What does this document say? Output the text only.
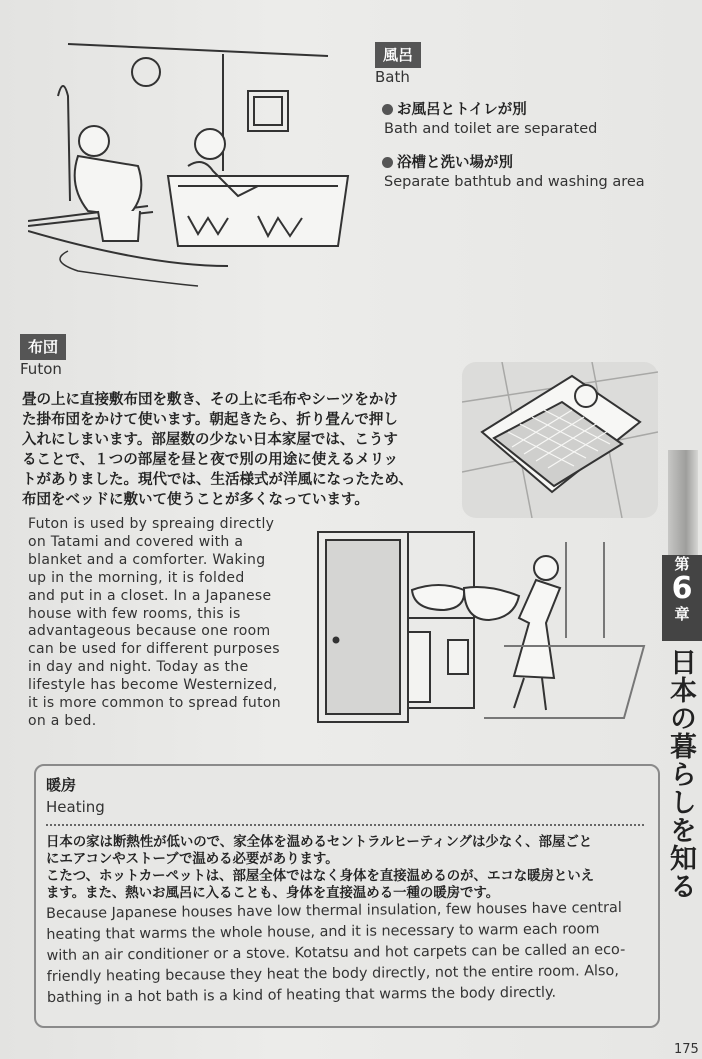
風呂
Bath
お風呂とトイレが別
Bath and toilet are separated
浴槽と洗い場が別
Separate bathtub and washing area
布団
Futon
畳の上に直接敷布団を敷き、その上に毛布やシーツをかけ
た掛布団をかけて使います。朝起きたら、折り畳んで押し
入れにしまいます。部屋数の少ない日本家屋では、こうす
ることで、１つの部屋を昼と夜で別の用途に使えるメリッ
トがありました。現代では、生活様式が洋風になったため、
布団をベッドに敷いて使うことが多くなっています。
Futon is used by spreaing directly
on Tatami and covered with a
blanket and a comforter. Waking
up in the morning, it is folded
and put in a closet. In a Japanese
house with few rooms, this is
advantageous because one room
can be used for different purposes
in day and night. Today as the
lifestyle has become Westernized,
it is more common to spread futon
on a bed.
第
6
章
日本の暮らしを知る
暖房
Heating
日本の家は断熱性が低いので、家全体を温めるセントラルヒーティングは少なく、部屋ごと
にエアコンやストーブで温める必要があります。
こたつ、ホットカーペットは、部屋全体ではなく身体を直接温めるのが、エコな暖房といえ
ます。また、熱いお風呂に入ることも、身体を直接温める一種の暖房です。
Because Japanese houses have low thermal insulation, few houses have central
heating that warms the whole house, and it is necessary to warm each room
with an air conditioner or a stove. Kotatsu and hot carpets can be called an eco-
friendly heating because they heat the body directly, not the entire room. Also,
bathing in a hot bath is a kind of heating that warms the body directly.
175
